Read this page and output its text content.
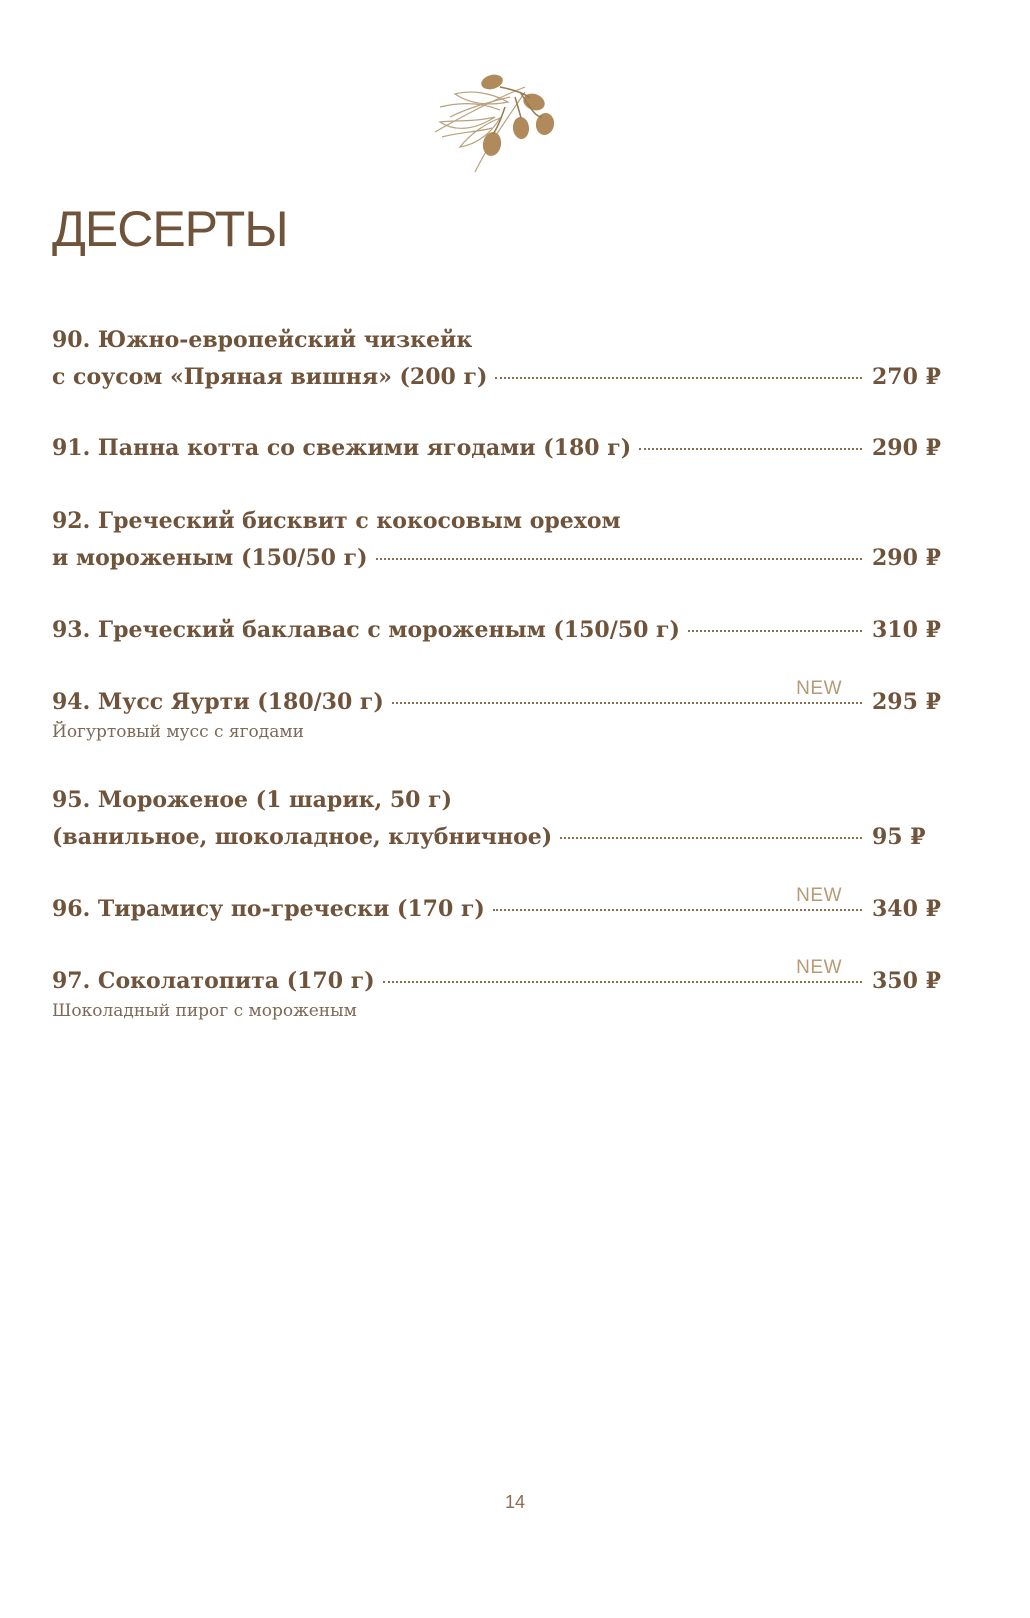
ДЕСЕРТЫ
90. Южно-европейский чизкейк
с соусом «Пряная вишня» (200 г)	270 ₽
91. Панна котта со свежими ягодами (180 г)	290 ₽
92. Греческий бисквит с кокосовым орехом
и мороженым (150/50 г)	290 ₽
93. Греческий баклавас с мороженым (150/50 г)	310 ₽
94. Мусс Яурти (180/30 г)	295 ₽
NEW
Йогуртовый мусс с ягодами
95. Мороженое (1 шарик, 50 г)
(ванильное, шоколадное, клубничное)	95 ₽
96. Тирамису по-гречески (170 г)	340 ₽
NEW
97. Соколатопита (170 г)	350 ₽
NEW
Шоколадный пирог с мороженым
14
